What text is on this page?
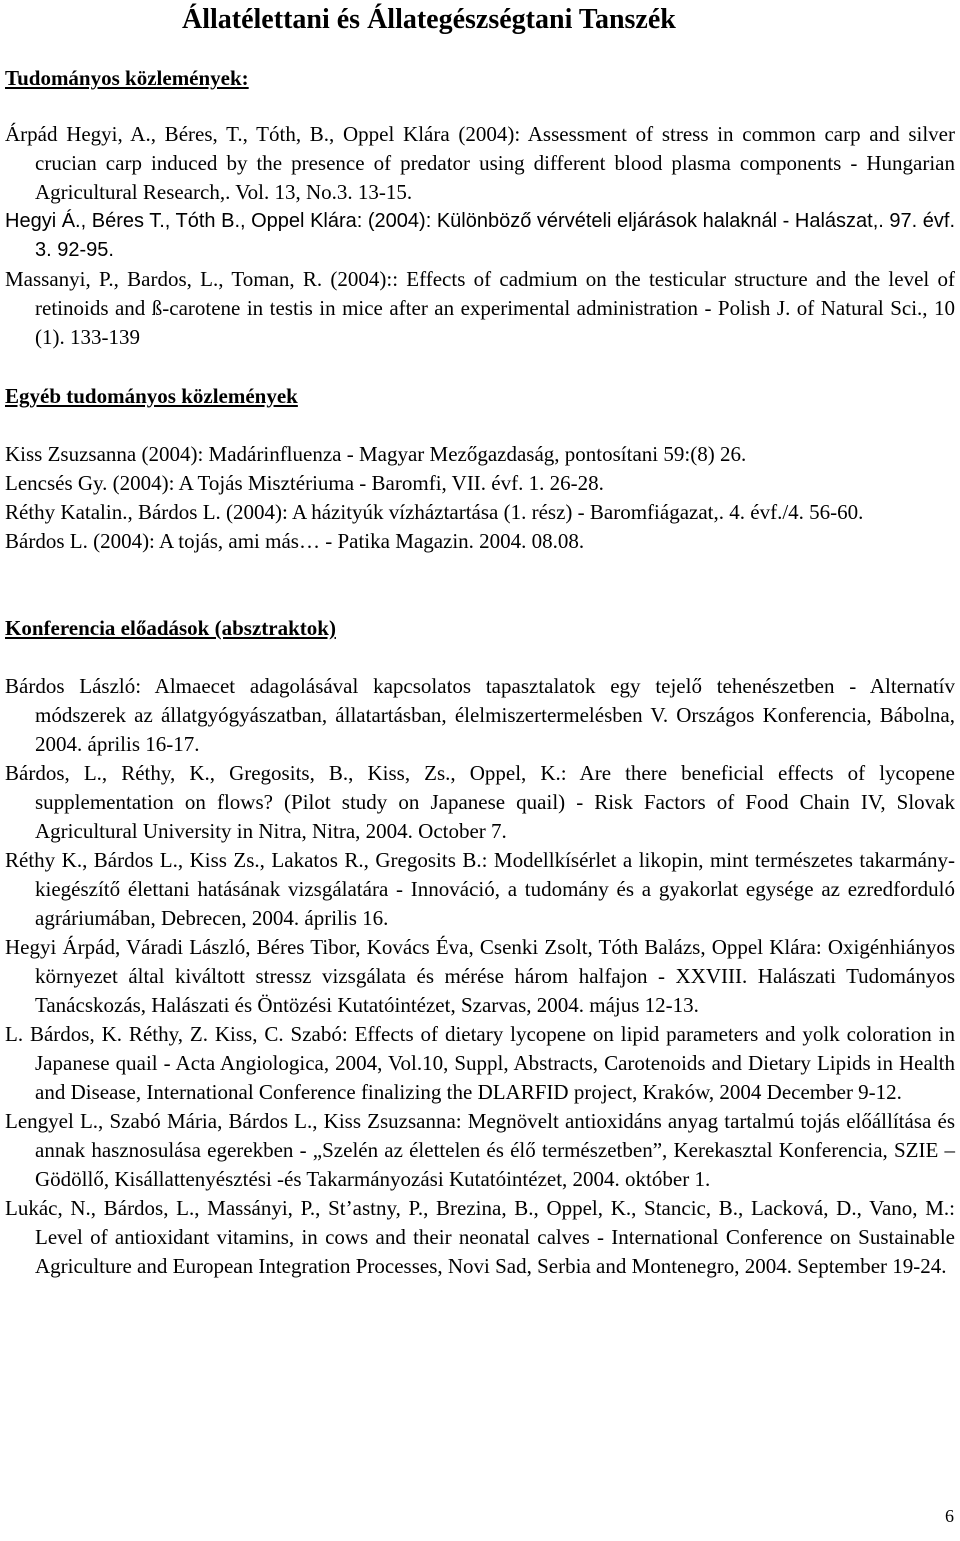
Állatélettani és Állategészségtani Tanszék
Tudományos közlemények:

Árpád Hegyi, A., Béres, T., Tóth, B., Oppel Klára (2004): Assessment of stress in common carp and silver crucian carp induced by the presence of predator using different blood plasma components - Hungarian Agricultural Research,. Vol. 13, No.3. 13-15.

Hegyi Á., Béres T., Tóth B., Oppel Klára: (2004): Különböző vérvételi eljárások halaknál - Halászat,. 97. évf. 3. 92-95.

Massanyi, P., Bardos, L., Toman, R. (2004):: Effects of cadmium on the testicular structure and the level of retinoids and ß-carotene in testis in mice after an experimental administration - Polish J. of Natural Sci., 10 (1). 133-139

Egyéb tudományos közlemények

Kiss Zsuzsanna (2004): Madárinfluenza - Magyar Mezőgazdaság, pontosítani 59:(8) 26.

Lencsés Gy. (2004): A Tojás Misztériuma - Baromfi, VII. évf. 1. 26-28.

Réthy Katalin., Bárdos L. (2004): A házityúk vízháztartása (1. rész) - Baromfiágazat,. 4. évf./4. 56-60.

Bárdos L. (2004): A tojás, ami más… - Patika Magazin. 2004. 08.08.

Konferencia előadások (absztraktok)

Bárdos László: Almaecet adagolásával kapcsolatos tapasztalatok egy tejelő tehenészetben - Alternatív módszerek az állatgyógyászatban, állatartásban, élelmiszertermelésben V. Országos Konferencia, Bábolna, 2004. április 16-17.

Bárdos, L., Réthy, K., Gregosits, B., Kiss, Zs., Oppel, K.: Are there beneficial effects of lycopene supplementation on flows? (Pilot study on Japanese quail) - Risk Factors of Food Chain IV, Slovak Agricultural University in Nitra, Nitra, 2004. October 7.

Réthy K., Bárdos L., Kiss Zs., Lakatos R., Gregosits B.: Modellkísérlet a likopin, mint természetes takarmány-kiegészítő élettani hatásának vizsgálatára - Innováció, a tudomány és a gyakorlat egysége az ezredforduló agráriumában, Debrecen, 2004. április 16.

Hegyi Árpád, Váradi László, Béres Tibor, Kovács Éva, Csenki Zsolt, Tóth Balázs, Oppel Klára: Oxigénhiányos környezet által kiváltott stressz vizsgálata és mérése három halfajon - XXVIII. Halászati Tudományos Tanácskozás, Halászati és Öntözési Kutatóintézet, Szarvas, 2004. május 12-13.

L. Bárdos, K. Réthy, Z. Kiss, C. Szabó: Effects of dietary lycopene on lipid parameters and yolk coloration in Japanese quail - Acta Angiologica, 2004, Vol.10, Suppl, Abstracts, Carotenoids and Dietary Lipids in Health and Disease, International Conference finalizing the DLARFID project, Kraków, 2004 December 9-12.

Lengyel L., Szabó Mária, Bárdos L., Kiss Zsuzsanna: Megnövelt antioxidáns anyag tartalmú tojás előállítása és annak hasznosulása egerekben - „Szelén az élettelen és élő természetben”, Kerekasztal Konferencia, SZIE – Gödöllő, Kisállattenyésztési -és Takarmányozási Kutatóintézet, 2004. október 1.

Lukác, N., Bárdos, L., Massányi, P., St’astny, P., Brezina, B., Oppel, K., Stancic, B., Lacková, D., Vano, M.: Level of antioxidant vitamins, in cows and their neonatal calves - International Conference on Sustainable Agriculture and European Integration Processes, Novi Sad, Serbia and Montenegro, 2004. September 19-24.

6
